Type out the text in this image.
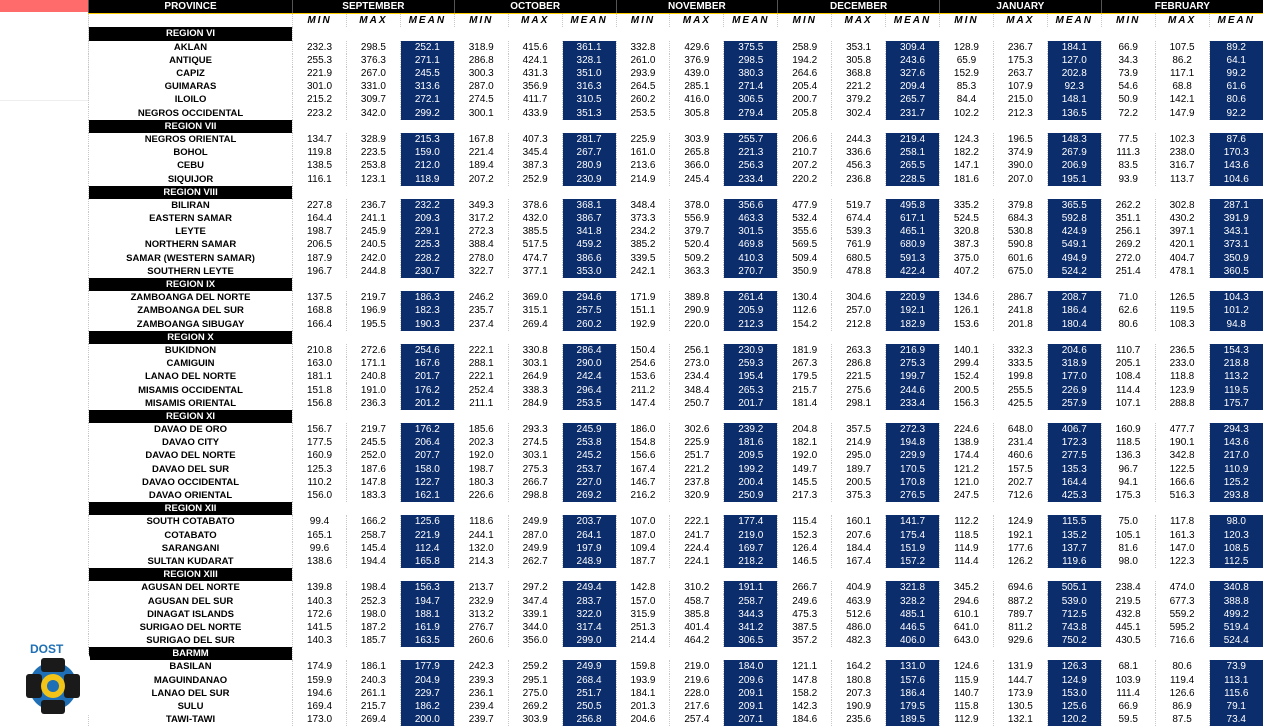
PROVINCE	SEPTEMBER			OCTOBER			NOVEMBER			DECEMBER			JANUARY			FEBRUARY		
	MIN	MAX	MEAN	MIN	MAX	MEAN	MIN	MAX	MEAN	MIN	MAX	MEAN	MIN	MAX	MEAN	MIN	MAX	MEAN
REGION VI																		
AKLAN	232.3	298.5	252.1	318.9	415.6	361.1	332.8	429.6	375.5	258.9	353.1	309.4	128.9	236.7	184.1	66.9	107.5	89.2
ANTIQUE	255.3	376.3	271.1	286.8	424.1	328.1	261.0	376.9	298.5	194.2	305.8	243.6	65.9	175.3	127.0	34.3	86.2	64.1
CAPIZ	221.9	267.0	245.5	300.3	431.3	351.0	293.9	439.0	380.3	264.6	368.8	327.6	152.9	263.7	202.8	73.9	117.1	99.2
GUIMARAS	301.0	331.0	313.6	287.0	356.9	316.3	264.5	285.1	271.4	205.4	221.2	209.4	85.3	107.9	92.3	54.6	68.8	61.6
ILOILO	215.2	309.7	272.1	274.5	411.7	310.5	260.2	416.0	306.5	200.7	379.2	265.7	84.4	215.0	148.1	50.9	142.1	80.6
NEGROS OCCIDENTAL	223.2	342.0	299.2	300.1	433.9	351.3	253.5	305.8	279.4	205.8	302.4	231.7	102.2	212.3	136.5	72.2	147.9	92.2
REGION VII																		
NEGROS ORIENTAL	134.7	328.9	215.3	167.8	407.3	281.7	225.9	303.9	255.7	206.6	244.3	219.4	124.3	196.5	148.3	77.5	102.3	87.6
BOHOL	119.8	223.5	159.0	221.4	345.4	267.7	161.0	265.8	221.3	210.7	336.6	258.1	182.2	374.9	267.9	111.3	238.0	170.3
CEBU	138.5	253.8	212.0	189.4	387.3	280.9	213.6	366.0	256.3	207.2	456.3	265.5	147.1	390.0	206.9	83.5	316.7	143.6
SIQUIJOR	116.1	123.1	118.9	207.2	252.9	230.9	214.9	245.4	233.4	220.2	236.8	228.5	181.6	207.0	195.1	93.9	113.7	104.6
REGION VIII																		
BILIRAN	227.8	236.7	232.2	349.3	378.6	368.1	348.4	378.0	356.6	477.9	519.7	495.8	335.2	379.8	365.5	262.2	302.8	287.1
EASTERN SAMAR	164.4	241.1	209.3	317.2	432.0	386.7	373.3	556.9	463.3	532.4	674.4	617.1	524.5	684.3	592.8	351.1	430.2	391.9
LEYTE	198.7	245.9	229.1	272.3	385.5	341.8	234.2	379.7	301.5	355.6	539.3	465.1	320.8	530.8	424.9	256.1	397.1	343.1
NORTHERN SAMAR	206.5	240.5	225.3	388.4	517.5	459.2	385.2	520.4	469.8	569.5	761.9	680.9	387.3	590.8	549.1	269.2	420.1	373.1
SAMAR (WESTERN SAMAR)	187.9	242.0	228.2	278.0	474.7	386.6	339.5	509.2	410.3	509.4	680.5	591.3	375.0	601.6	494.9	272.0	404.7	350.9
SOUTHERN LEYTE	196.7	244.8	230.7	322.7	377.1	353.0	242.1	363.3	270.7	350.9	478.8	422.4	407.2	675.0	524.2	251.4	478.1	360.5
REGION IX																		
ZAMBOANGA DEL NORTE	137.5	219.7	186.3	246.2	369.0	294.6	171.9	389.8	261.4	130.4	304.6	220.9	134.6	286.7	208.7	71.0	126.5	104.3
ZAMBOANGA DEL SUR	168.8	196.9	182.3	235.7	315.1	257.5	151.1	290.9	205.9	112.6	257.0	192.1	126.1	241.8	186.4	62.6	119.5	101.2
ZAMBOANGA SIBUGAY	166.4	195.5	190.3	237.4	269.4	260.2	192.9	220.0	212.3	154.2	212.8	182.9	153.6	201.8	180.4	80.6	108.3	94.8
REGION X																		
BUKIDNON	210.8	272.6	254.6	222.1	330.8	286.4	150.4	256.1	230.9	181.9	263.3	216.9	140.1	332.3	204.6	110.7	236.5	154.3
CAMIGUIN	163.0	171.1	167.6	288.1	303.1	290.0	254.6	273.0	259.3	267.3	286.8	275.3	299.4	333.5	318.9	205.1	233.0	218.8
LANAO DEL NORTE	181.1	240.8	201.7	222.1	264.9	242.4	153.6	234.4	195.4	179.5	221.5	199.7	152.4	199.8	177.0	108.4	118.8	113.2
MISAMIS OCCIDENTAL	151.8	191.0	176.2	252.4	338.3	296.4	211.2	348.4	265.3	215.7	275.6	244.6	200.5	255.5	226.9	114.4	123.9	119.5
MISAMIS ORIENTAL	156.8	236.3	201.2	211.1	284.9	253.5	147.4	250.7	201.7	181.4	298.1	233.4	156.3	425.5	257.9	107.1	288.8	175.7
REGION XI																		
DAVAO DE ORO	156.7	219.7	176.2	185.6	293.3	245.9	186.0	302.6	239.2	204.8	357.5	272.3	224.6	648.0	406.7	160.9	477.7	294.3
DAVAO CITY	177.5	245.5	206.4	202.3	274.5	253.8	154.8	225.9	181.6	182.1	214.9	194.8	138.9	231.4	172.3	118.5	190.1	143.6
DAVAO DEL NORTE	160.9	252.0	207.7	192.0	303.1	245.2	156.6	251.7	209.5	192.0	295.0	229.9	174.4	460.6	277.5	136.3	342.8	217.0
DAVAO DEL SUR	125.3	187.6	158.0	198.7	275.3	253.7	167.4	221.2	199.2	149.7	189.7	170.5	121.2	157.5	135.3	96.7	122.5	110.9
DAVAO OCCIDENTAL	110.2	147.8	122.7	180.3	266.7	227.0	146.7	237.8	200.4	145.5	200.5	170.8	121.0	202.7	164.4	94.1	166.6	125.2
DAVAO ORIENTAL	156.0	183.3	162.1	226.6	298.8	269.2	216.2	320.9	250.9	217.3	375.3	276.5	247.5	712.6	425.3	175.3	516.3	293.8
REGION XII																		
SOUTH COTABATO	99.4	166.2	125.6	118.6	249.9	203.7	107.0	222.1	177.4	115.4	160.1	141.7	112.2	124.9	115.5	75.0	117.8	98.0
COTABATO	165.1	258.7	221.9	244.1	287.0	264.1	187.0	241.7	219.0	152.3	207.6	175.4	118.5	192.1	135.2	105.1	161.3	120.3
SARANGANI	99.6	145.4	112.4	132.0	249.9	197.9	109.4	224.4	169.7	126.4	184.4	151.9	114.9	177.6	137.7	81.6	147.0	108.5
SULTAN KUDARAT	138.6	194.4	165.8	214.3	262.7	248.9	187.7	224.1	218.2	146.5	167.4	157.2	114.4	126.2	119.6	98.0	122.3	112.5
REGION XIII																		
AGUSAN DEL NORTE	139.8	198.4	156.3	213.7	297.2	249.4	142.8	310.2	191.1	266.7	404.9	321.8	345.2	694.6	505.1	238.4	474.0	340.8
AGUSAN DEL SUR	140.3	252.3	194.7	232.9	347.4	283.7	157.0	458.7	258.7	249.6	463.9	328.2	294.6	887.2	539.0	219.5	677.3	388.8
DINAGAT ISLANDS	172.6	198.0	188.1	313.2	339.1	322.0	315.9	385.8	344.3	475.3	512.6	485.1	610.1	789.7	712.5	432.8	559.2	499.2
SURIGAO DEL NORTE	141.5	187.2	161.9	276.7	344.0	317.4	251.3	401.4	341.2	387.5	486.0	446.5	641.0	811.2	743.8	445.1	595.2	519.4
SURIGAO DEL SUR	140.3	185.7	163.5	260.6	356.0	299.0	214.4	464.2	306.5	357.2	482.3	406.0	643.0	929.6	750.2	430.5	716.6	524.4
BARMM																		
BASILAN	174.9	186.1	177.9	242.3	259.2	249.9	159.8	219.0	184.0	121.1	164.2	131.0	124.6	131.9	126.3	68.1	80.6	73.9
MAGUINDANAO	159.9	240.3	204.9	239.3	295.1	268.4	193.9	219.6	209.6	147.8	180.8	157.6	115.9	144.7	124.9	103.9	119.4	113.1
LANAO DEL SUR	194.6	261.1	229.7	236.1	275.0	251.7	184.1	228.0	209.1	158.2	207.3	186.4	140.7	173.9	153.0	111.4	126.6	115.6
SULU	169.4	215.7	186.2	239.4	269.2	250.5	201.3	217.6	209.1	142.3	190.9	179.5	115.8	130.5	125.6	66.9	86.9	79.1
TAWI-TAWI	173.0	269.4	200.0	239.7	303.9	256.8	204.6	257.4	207.1	184.6	235.6	189.5	112.9	132.1	120.2	59.5	87.5	73.4
DOST
